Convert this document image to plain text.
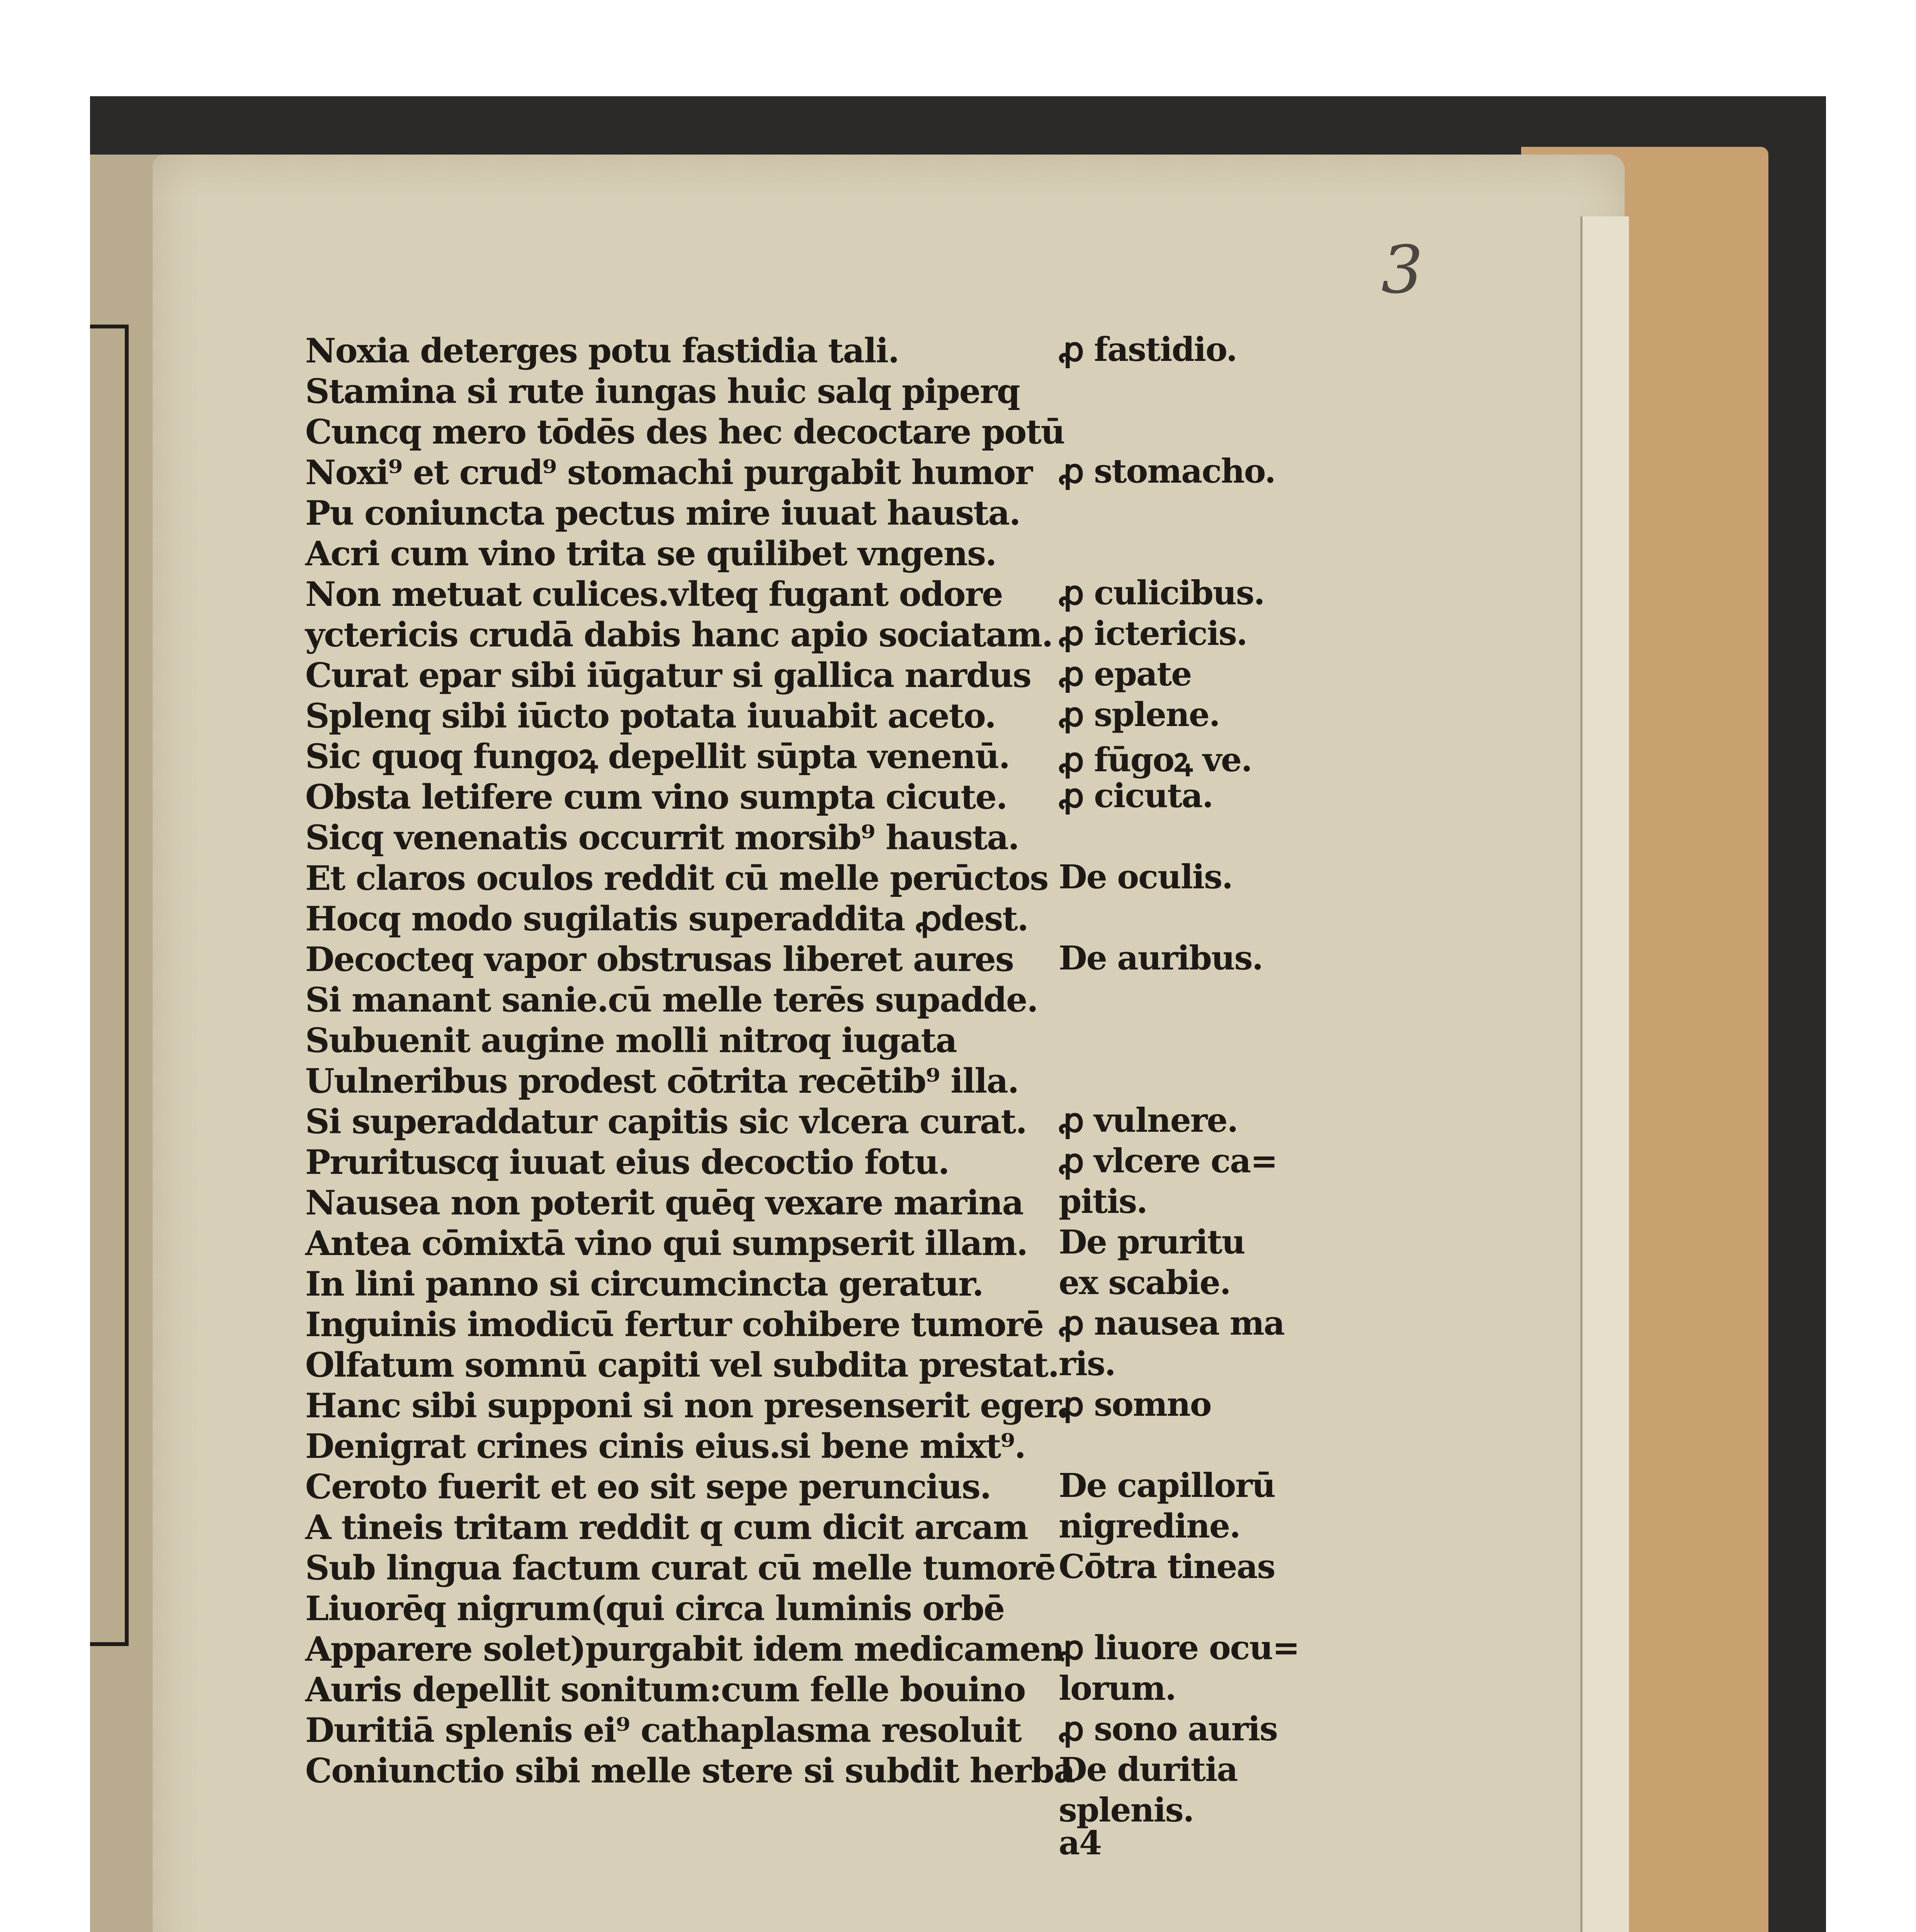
3
Noxia deterges potu fastidia tali.
Stamina si rute iungas huic salq piperq
Cuncq mero tōdēs des hec decoctare potū
Noxi⁹ et crud⁹ stomachi purgabit humor
Pu coniuncta pectus mire iuuat hausta.
Acri cum vino trita se quilibet vngens.
Non metuat culices.vlteq fugant odore
yctericis crudā dabis hanc apio sociatam.
Curat epar sibi iūgatur si gallica nardus
Splenq sibi iūcto potata iuuabit aceto.
Sic quoq fungoꝝ depellit sūpta venenū.
Obsta letifere cum vino sumpta cicute.
Sicq venenatis occurrit morsib⁹ hausta.
Et claros oculos reddit cū melle perūctos
Hocq modo sugilatis superaddita ꝓdest.
Decocteq vapor obstrusas liberet aures
Si manant sanie.cū melle terēs supadde.
Subuenit augine molli nitroq iugata
Uulneribus prodest cōtrita recētib⁹ illa.
Si superaddatur capitis sic vlcera curat.
Prurituscq iuuat eius decoctio fotu.
Nausea non poterit quēq vexare marina
Antea cōmixtā vino qui sumpserit illam.
In lini panno si circumcincta geratur.
Inguinis imodicū fertur cohibere tumorē
Olfatum somnū capiti vel subdita prestat.
Hanc sibi supponi si non presenserit eger.
Denigrat crines cinis eius.si bene mixt⁹.
Ceroto fuerit et eo sit sepe peruncius.
A tineis tritam reddit q cum dicit arcam
Sub lingua factum curat cū melle tumorē
Liuorēq nigrum(qui circa luminis orbē
Apparere solet)purgabit idem medicamen
Auris depellit sonitum:cum felle bouino
Duritiā splenis ei⁹ cathaplasma resoluit
Coniunctio sibi melle stere si subdit herba
ꝓ fastidio.
ꝓ stomacho.
ꝓ culicibus.
ꝓ ictericis.
ꝓ epate
ꝓ splene.
ꝓ fūgoꝝ ve.
ꝓ cicuta.
De oculis.
De auribus.
ꝓ vulnere.
ꝓ vlcere ca=
pitis.
De pruritu
ex scabie.
ꝓ nausea ma
ris.
ꝓ somno
De capillorū
nigredine.
Cōtra tineas
ꝓ liuore ocu=
lorum.
ꝓ sono auris
De duritia
splenis.
a4
